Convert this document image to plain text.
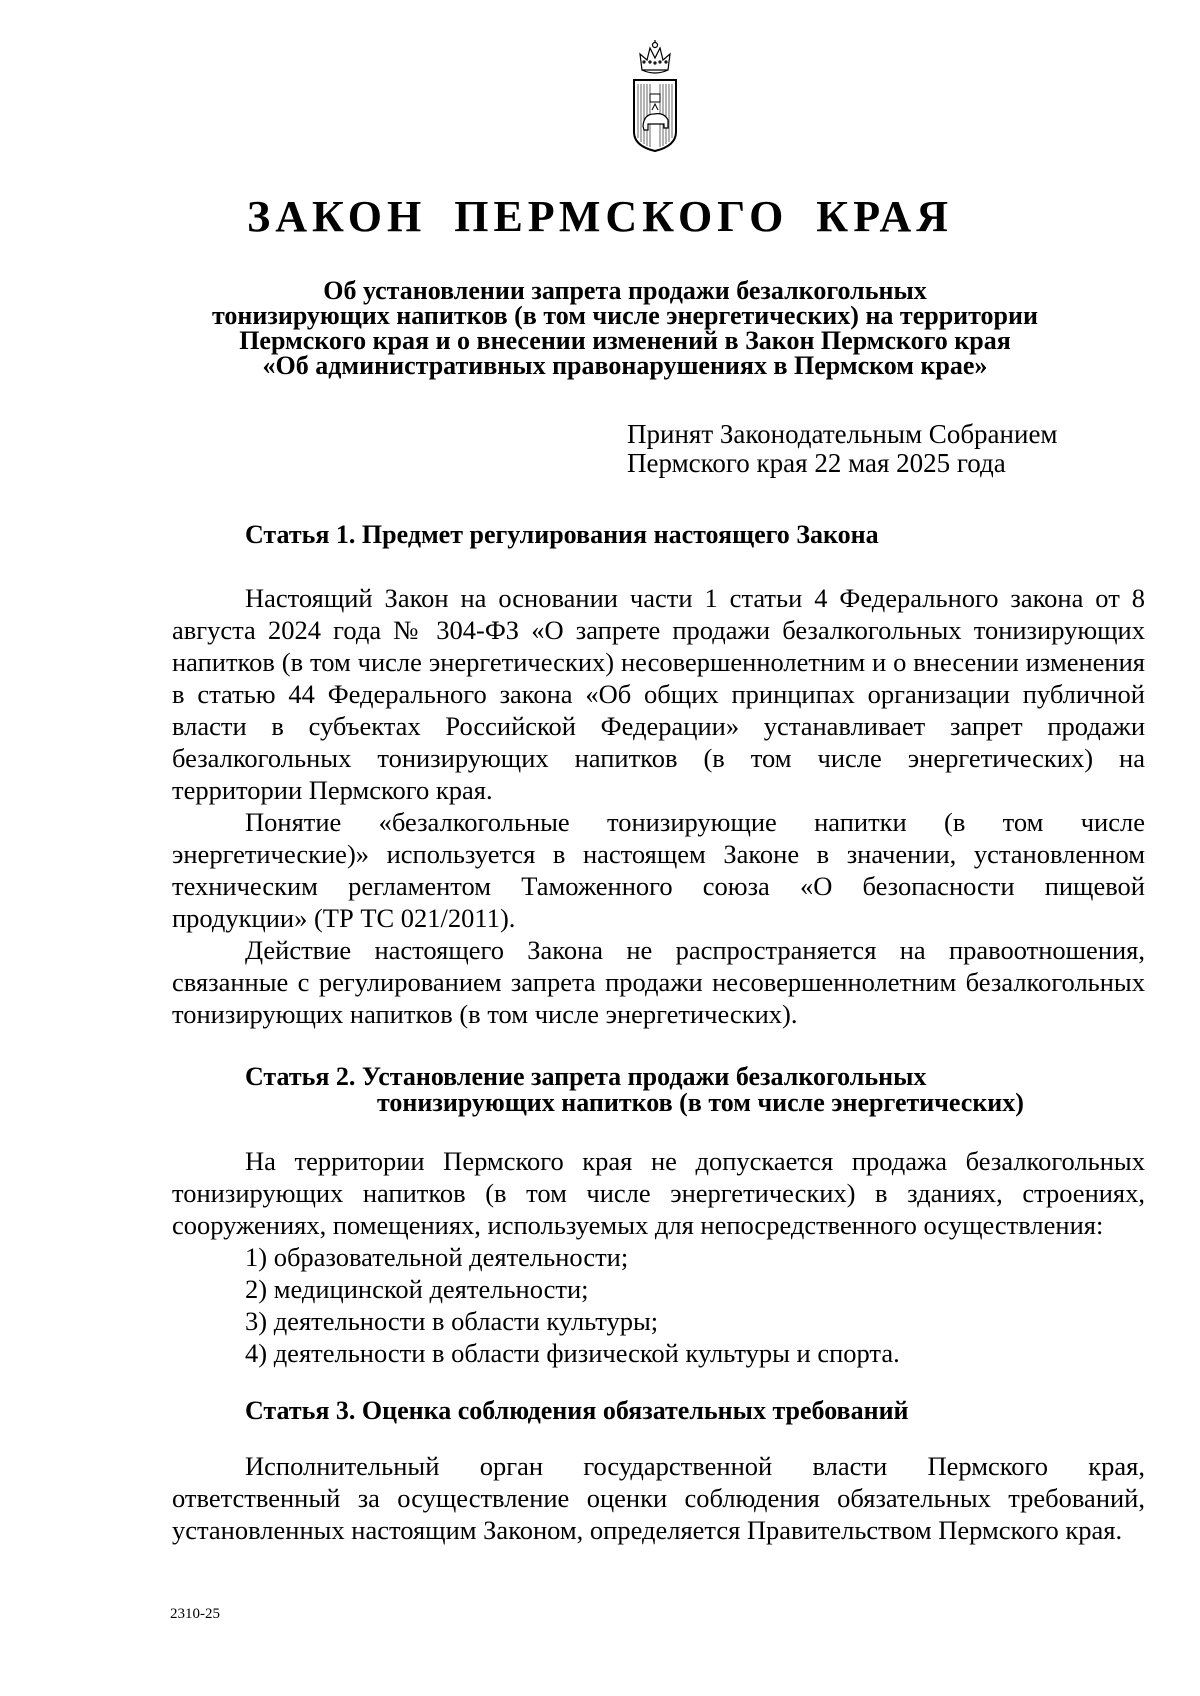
ЗАКОН ПЕРМСКОГО КРАЯ
Об установлении запрета продажи безалкогольных
тонизирующих напитков (в том числе энергетических) на территории
Пермского края и о внесении изменений в Закон Пермского края
«Об административных правонарушениях в Пермском крае»
Принят Законодательным Собранием
Пермского края 22 мая 2025 года
Статья 1. Предмет регулирования настоящего Закона

Настоящий Закон на основании части 1 статьи 4 Федерального закона от 8 августа 2024 года № 304-ФЗ «О запрете продажи безалкогольных тонизирующих напитков (в том числе энергетических) несовершеннолетним и о внесении изменения в статью 44 Федерального закона «Об общих принципах организации публичной власти в субъектах Российской Федерации» устанавливает запрет продажи безалкогольных тонизирующих напитков (в том числе энергетических) на территории Пермского края.

Понятие «безалкогольные тонизирующие напитки (в том числе энергетические)» используется в настоящем Законе в значении, установленном техническим регламентом Таможенного союза «О безопасности пищевой продукции» (ТР ТС 021/2011).

Действие настоящего Закона не распространяется на правоотношения, связанные с регулированием запрета продажи несовершеннолетним безалкогольных тонизирующих напитков (в том числе энергетических).

Статья 2. Установление запрета продажи безалкогольных
тонизирующих напитков (в том числе энергетических)

На территории Пермского края не допускается продажа безалкогольных тонизирующих напитков (в том числе энергетических) в зданиях, строениях, сооружениях, помещениях, используемых для непосредственного осуществления:

1) образовательной деятельности;
2) медицинской деятельности;
3) деятельности в области культуры;
4) деятельности в области физической культуры и спорта.
Статья 3. Оценка соблюдения обязательных требований

Исполнительный орган государственной власти Пермского края, ответственный за осуществление оценки соблюдения обязательных требований, установленных настоящим Законом, определяется Правительством Пермского края.

2310-25
